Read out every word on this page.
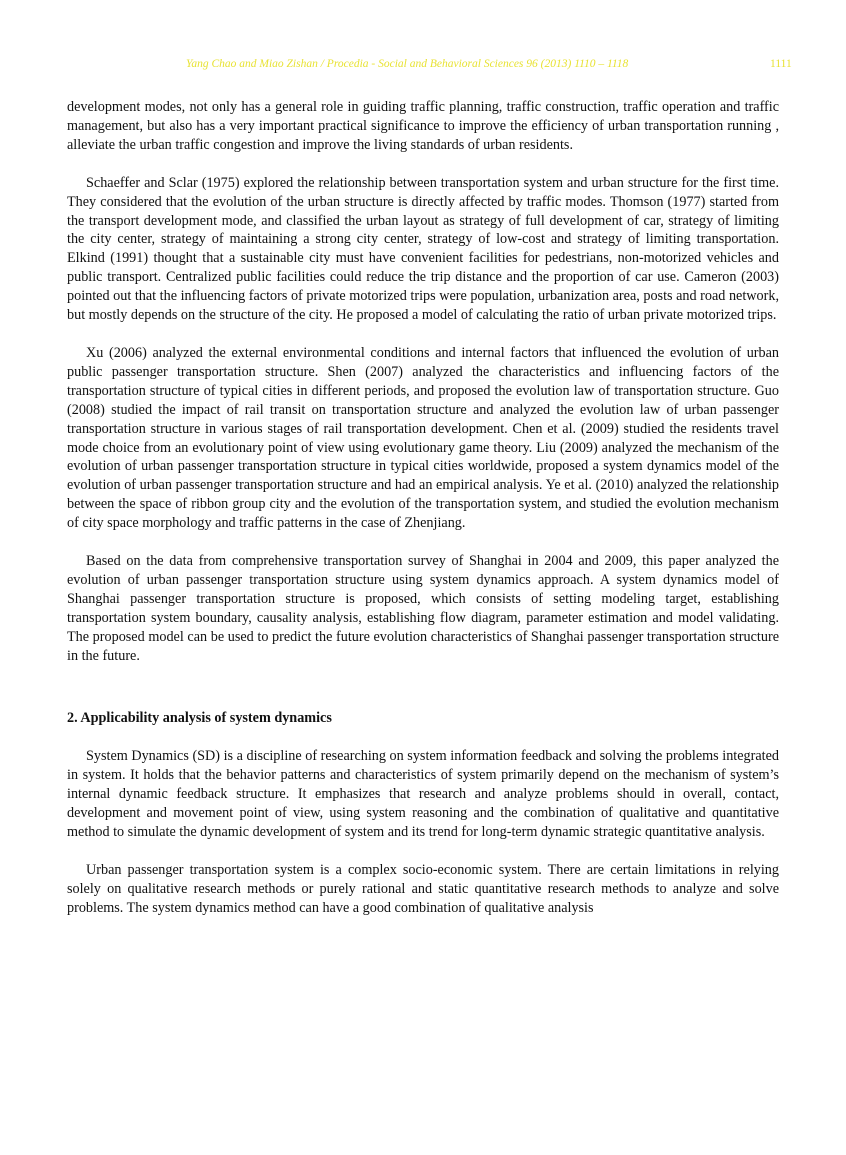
Yang Chao and Miao Zishan / Procedia - Social and Behavioral Sciences 96 (2013) 1110 – 1118	1111

development modes, not only has a general role in guiding traffic planning, traffic construction, traffic operation and traffic management, but also has a very important practical significance to improve the efficiency of urban transportation running , alleviate the urban traffic congestion and improve the living standards of urban residents.

Schaeffer and Sclar (1975) explored the relationship between transportation system and urban structure for the first time. They considered that the evolution of the urban structure is directly affected by traffic modes. Thomson (1977) started from the transport development mode, and classified the urban layout as strategy of full development of car, strategy of limiting the city center, strategy of maintaining a strong city center, strategy of low-cost and strategy of limiting transportation. Elkind (1991) thought that a sustainable city must have convenient facilities for pedestrians, non-motorized vehicles and public transport. Centralized public facilities could reduce the trip distance and the proportion of car use. Cameron (2003) pointed out that the influencing factors of private motorized trips were population, urbanization area, posts and road network, but mostly depends on the structure of the city. He proposed a model of calculating the ratio of urban private motorized trips.

Xu (2006) analyzed the external environmental conditions and internal factors that influenced the evolution of urban public passenger transportation structure. Shen (2007) analyzed the characteristics and influencing factors of the transportation structure of typical cities in different periods, and proposed the evolution law of transportation structure. Guo (2008) studied the impact of rail transit on transportation structure and analyzed the evolution law of urban passenger transportation structure in various stages of rail transportation development. Chen et al. (2009) studied the residents travel mode choice from an evolutionary point of view using evolutionary game theory. Liu (2009) analyzed the mechanism of the evolution of urban passenger transportation structure in typical cities worldwide, proposed a system dynamics model of the evolution of urban passenger transportation structure and had an empirical analysis. Ye et al. (2010) analyzed the relationship between the space of ribbon group city and the evolution of the transportation system, and studied the evolution mechanism of city space morphology and traffic patterns in the case of Zhenjiang.

Based on the data from comprehensive transportation survey of Shanghai in 2004 and 2009, this paper analyzed the evolution of urban passenger transportation structure using system dynamics approach. A system dynamics model of Shanghai passenger transportation structure is proposed, which consists of setting modeling target, establishing transportation system boundary, causality analysis, establishing flow diagram, parameter estimation and model validating. The proposed model can be used to predict the future evolution characteristics of Shanghai passenger transportation structure in the future.

2. Applicability analysis of system dynamics

System Dynamics (SD) is a discipline of researching on system information feedback and solving the problems integrated in system. It holds that the behavior patterns and characteristics of system primarily depend on the mechanism of system’s internal dynamic feedback structure. It emphasizes that research and analyze problems should in overall, contact, development and movement point of view, using system reasoning and the combination of qualitative and quantitative method to simulate the dynamic development of system and its trend for long-term dynamic strategic quantitative analysis.

Urban passenger transportation system is a complex socio-economic system. There are certain limitations in relying solely on qualitative research methods or purely rational and static quantitative research methods to analyze and solve problems. The system dynamics method can have a good combination of qualitative analysis
